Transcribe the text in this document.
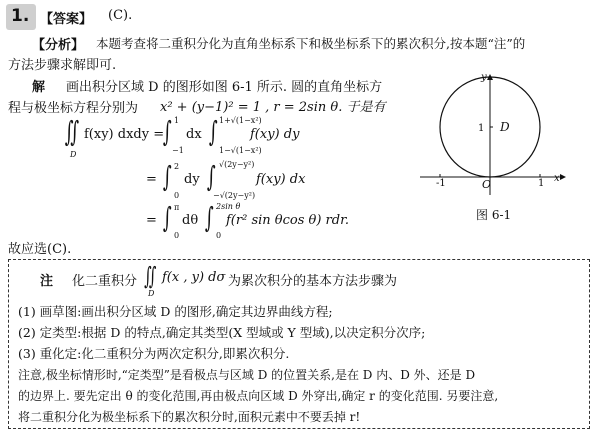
1. 【答案】 (C).
【分析】 本题考查将二重积分化为直角坐标系下和极坐标系下的累次积分,按本题“注”的
方法步骤求解即可.
解 画出积分区域 D 的图形如图 6-1 所示. 圆的直角坐标方
程与极坐标方程分别为 x² + (y−1)² = 1 , r = 2sin θ. 于是有
∬
D
f(xy) dxdy =
∫ 1
−1
dx ∫ 1+√(1−x²)
1−√(1−x²)
f(xy) dy
= ∫ 2
0
dy ∫ √(2y−y²)
−√(2y−y²)
f(xy) dx
= ∫ π
0
dθ ∫ 2sin θ
0
f(r² sin θcos θ) rdr.
故应选(C).
D
y
x
O
-1	1
1
图 6-1
注 化二重积分 ∬
D
f(x , y) dσ 为累次积分的基本方法步骤为
(1) 画草图:画出积分区域 D 的图形,确定其边界曲线方程;
(2) 定类型:根据 D 的特点,确定其类型(X 型域或 Y 型域),以决定积分次序;
(3) 重化定:化二重积分为两次定积分,即累次积分.
注意,极坐标情形时,“定类型”是看极点与区域 D 的位置关系,是在 D 内、D 外、还是 D
的边界上. 要先定出 θ 的变化范围,再由极点向区域 D 外穿出,确定 r 的变化范围. 另要注意,
将二重积分化为极坐标系下的累次积分时,面积元素中不要丢掉 r!
